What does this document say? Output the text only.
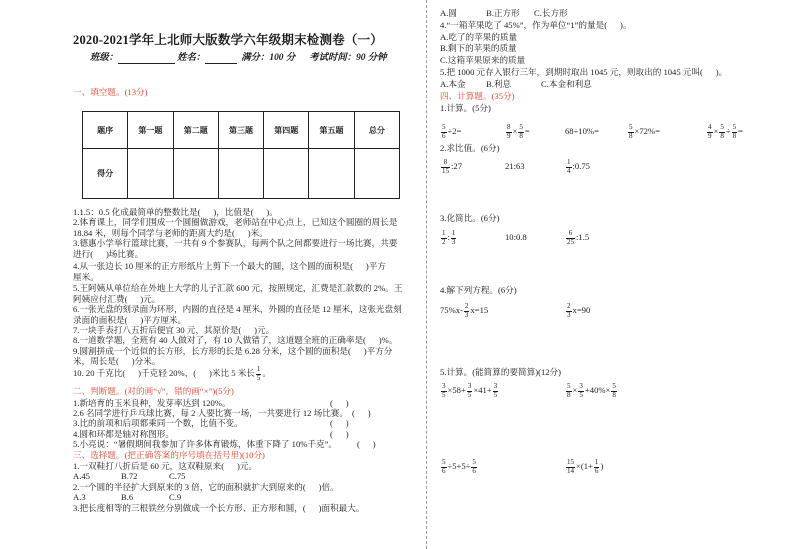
2020-2021学年上北师大版数学六年级期末检测卷（一）
班级：	姓名：	满分：100 分 考试时间：90 分钟
一、填空题。(13分)
题序	第一题	第二题	第三题	第四题	第五题	总分
得分						
1.1.5：0.5 化成最简单的整数比是(      )，比值是(      )。
2.体育课上，同学们围成一个圆圈做游戏，老师站在中心点上，已知这个圆圈的周长是
18.84 米，则每个同学与老师的距离大约是(      )米。
3.德惠小学举行篮球比赛，一共有 9 个参赛队，每两个队之间都要进行一场比赛，共要
进行(      )场比赛。
4.从一张边长 10 厘米的正方形纸片上剪下一个最大的圆，这个圆的面积是(      )平方
厘米。
5.王阿姨从单位给在外地上大学的儿子汇款 600 元，按照规定，汇费是汇款数的 2%。王
阿姨应付汇费(      )元。
6.一张光盘的刻录面为环形，内圆的直径是 4 厘米，外圆的直径是 12 厘米，这张光盘刻
录面的面积是(      )平方厘米。
7.一块手表打八五折后便宜 30 元，其原价是(      )元。
8.一道数学题，全班有 40 人做对了，有 10 人做错了，这道题全班的正确率是(      )%。
9.圆割拼成一个近似的长方形，长方形的长是 6.28 分米，这个圆的面积是(      )平方分
米，周长是(      )分米。
10. 20 千克比(      )千克轻 20%，(      )米比 5 米长 $\frac{1}{5}$ 。
二、判断题。(对的画“√”，错的画“×”)(5分)
1.新培育的玉米良种，发芽率达到 120%。	(      )
2.6 名同学进行乒乓球比赛，每 2 人要比赛一场，一共要进行 12 场比赛。 (      )
3.比的前项和后项都乘同一个数，比值不变。	(      )
4.圆和环都是轴对称图形。	(      )
5.小亮说：“暑假期间我参加了许多体育锻炼，体重下降了 10%千克”。 (      )
三、选择题。(把正确答案的序号填在括号里)(10分)
1.一双鞋打八折后是 60 元，这双鞋原来(      )元。
A.45	B.72	C.75
2.一个圆的半径扩大到原来的 3 倍，它的面积就扩大到原来的(      )倍。
A.3	B.6	C.9
3.把长度相等的三根铁丝分别做成一个长方形、正方形和圆，(      )面积最大。
A.圆	B.正方形 C.长方形
4.“一箱苹果吃了 45%”，作为单位“1”的量是(      )。
A.吃了的苹果的质量
B.剩下的苹果的质量
C.这箱苹果原来的质量
5.把 1000 元存入银行三年，到期时取出 1045 元，则取出的 1045 元叫(      )。
A.本金 B.利息	C.本金和利息
四、计算题。(35分)
1.计算。(5分)
$\frac{5}{6} \div 2=$	$\frac{8}{9} \times \frac{5}{8}$ =	68÷10%=	$\frac{5}{8} \times 72\%=$	$\frac{4}{9} \times \frac{5}{8} \div \frac{5}{8}$ =
2.求比值。(6分)
$\frac{8}{15}$ :27	21:63	$\frac{1}{4}$ :0.75
3.化简比。(6分)
$\frac{1}{2}$ : $\frac{1}{3}$	10:0.8	$\frac{6}{25}$ :1.5
4.解下列方程。(6分)
$75\%x- \frac{2}{3} x=15$	$\frac{2}{3} x=90$
5.计算。(能简算的要简算)(12分)
$\frac{3}{5} \times 58+ \frac{3}{5} \times 41+ \frac{3}{5}$	$\frac{5}{8} \times \frac{3}{5} +40\%\times \frac{5}{8}$
$\frac{5}{6} \div 5+5\div \frac{5}{6}$	$\frac{15}{14} \times(1+ \frac{1}{6}$ )
